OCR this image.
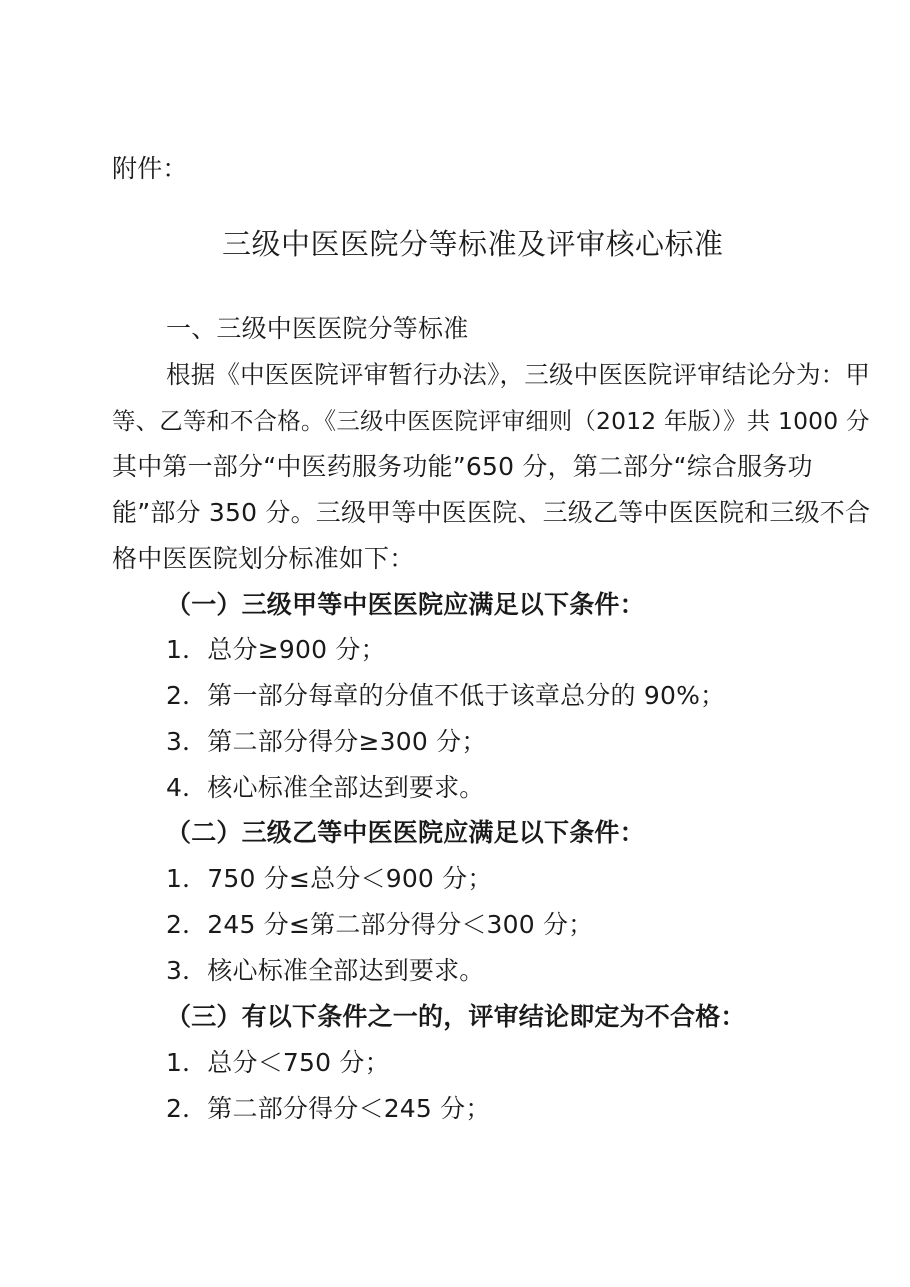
附件：
三级中医医院分等标准及评审核心标准
一、三级中医医院分等标准
根据《中医医院评审暂行办法》，三级中医医院评审结论分为：甲
等、乙等和不合格。《三级中医医院评审细则（2012 年版）》共 1000 分
其中第一部分“中医药服务功能”650 分，第二部分“综合服务功
能”部分 350 分。三级甲等中医医院、三级乙等中医医院和三级不合
格中医医院划分标准如下：
（一）三级甲等中医医院应满足以下条件：
1．总分≥900 分；
2．第一部分每章的分值不低于该章总分的 90%；
3．第二部分得分≥300 分；
4．核心标准全部达到要求。
（二）三级乙等中医医院应满足以下条件：
1．750 分≤总分＜900 分；
2．245 分≤第二部分得分＜300 分；
3．核心标准全部达到要求。
（三）有以下条件之一的，评审结论即定为不合格：
1．总分＜750 分；
2．第二部分得分＜245 分；
